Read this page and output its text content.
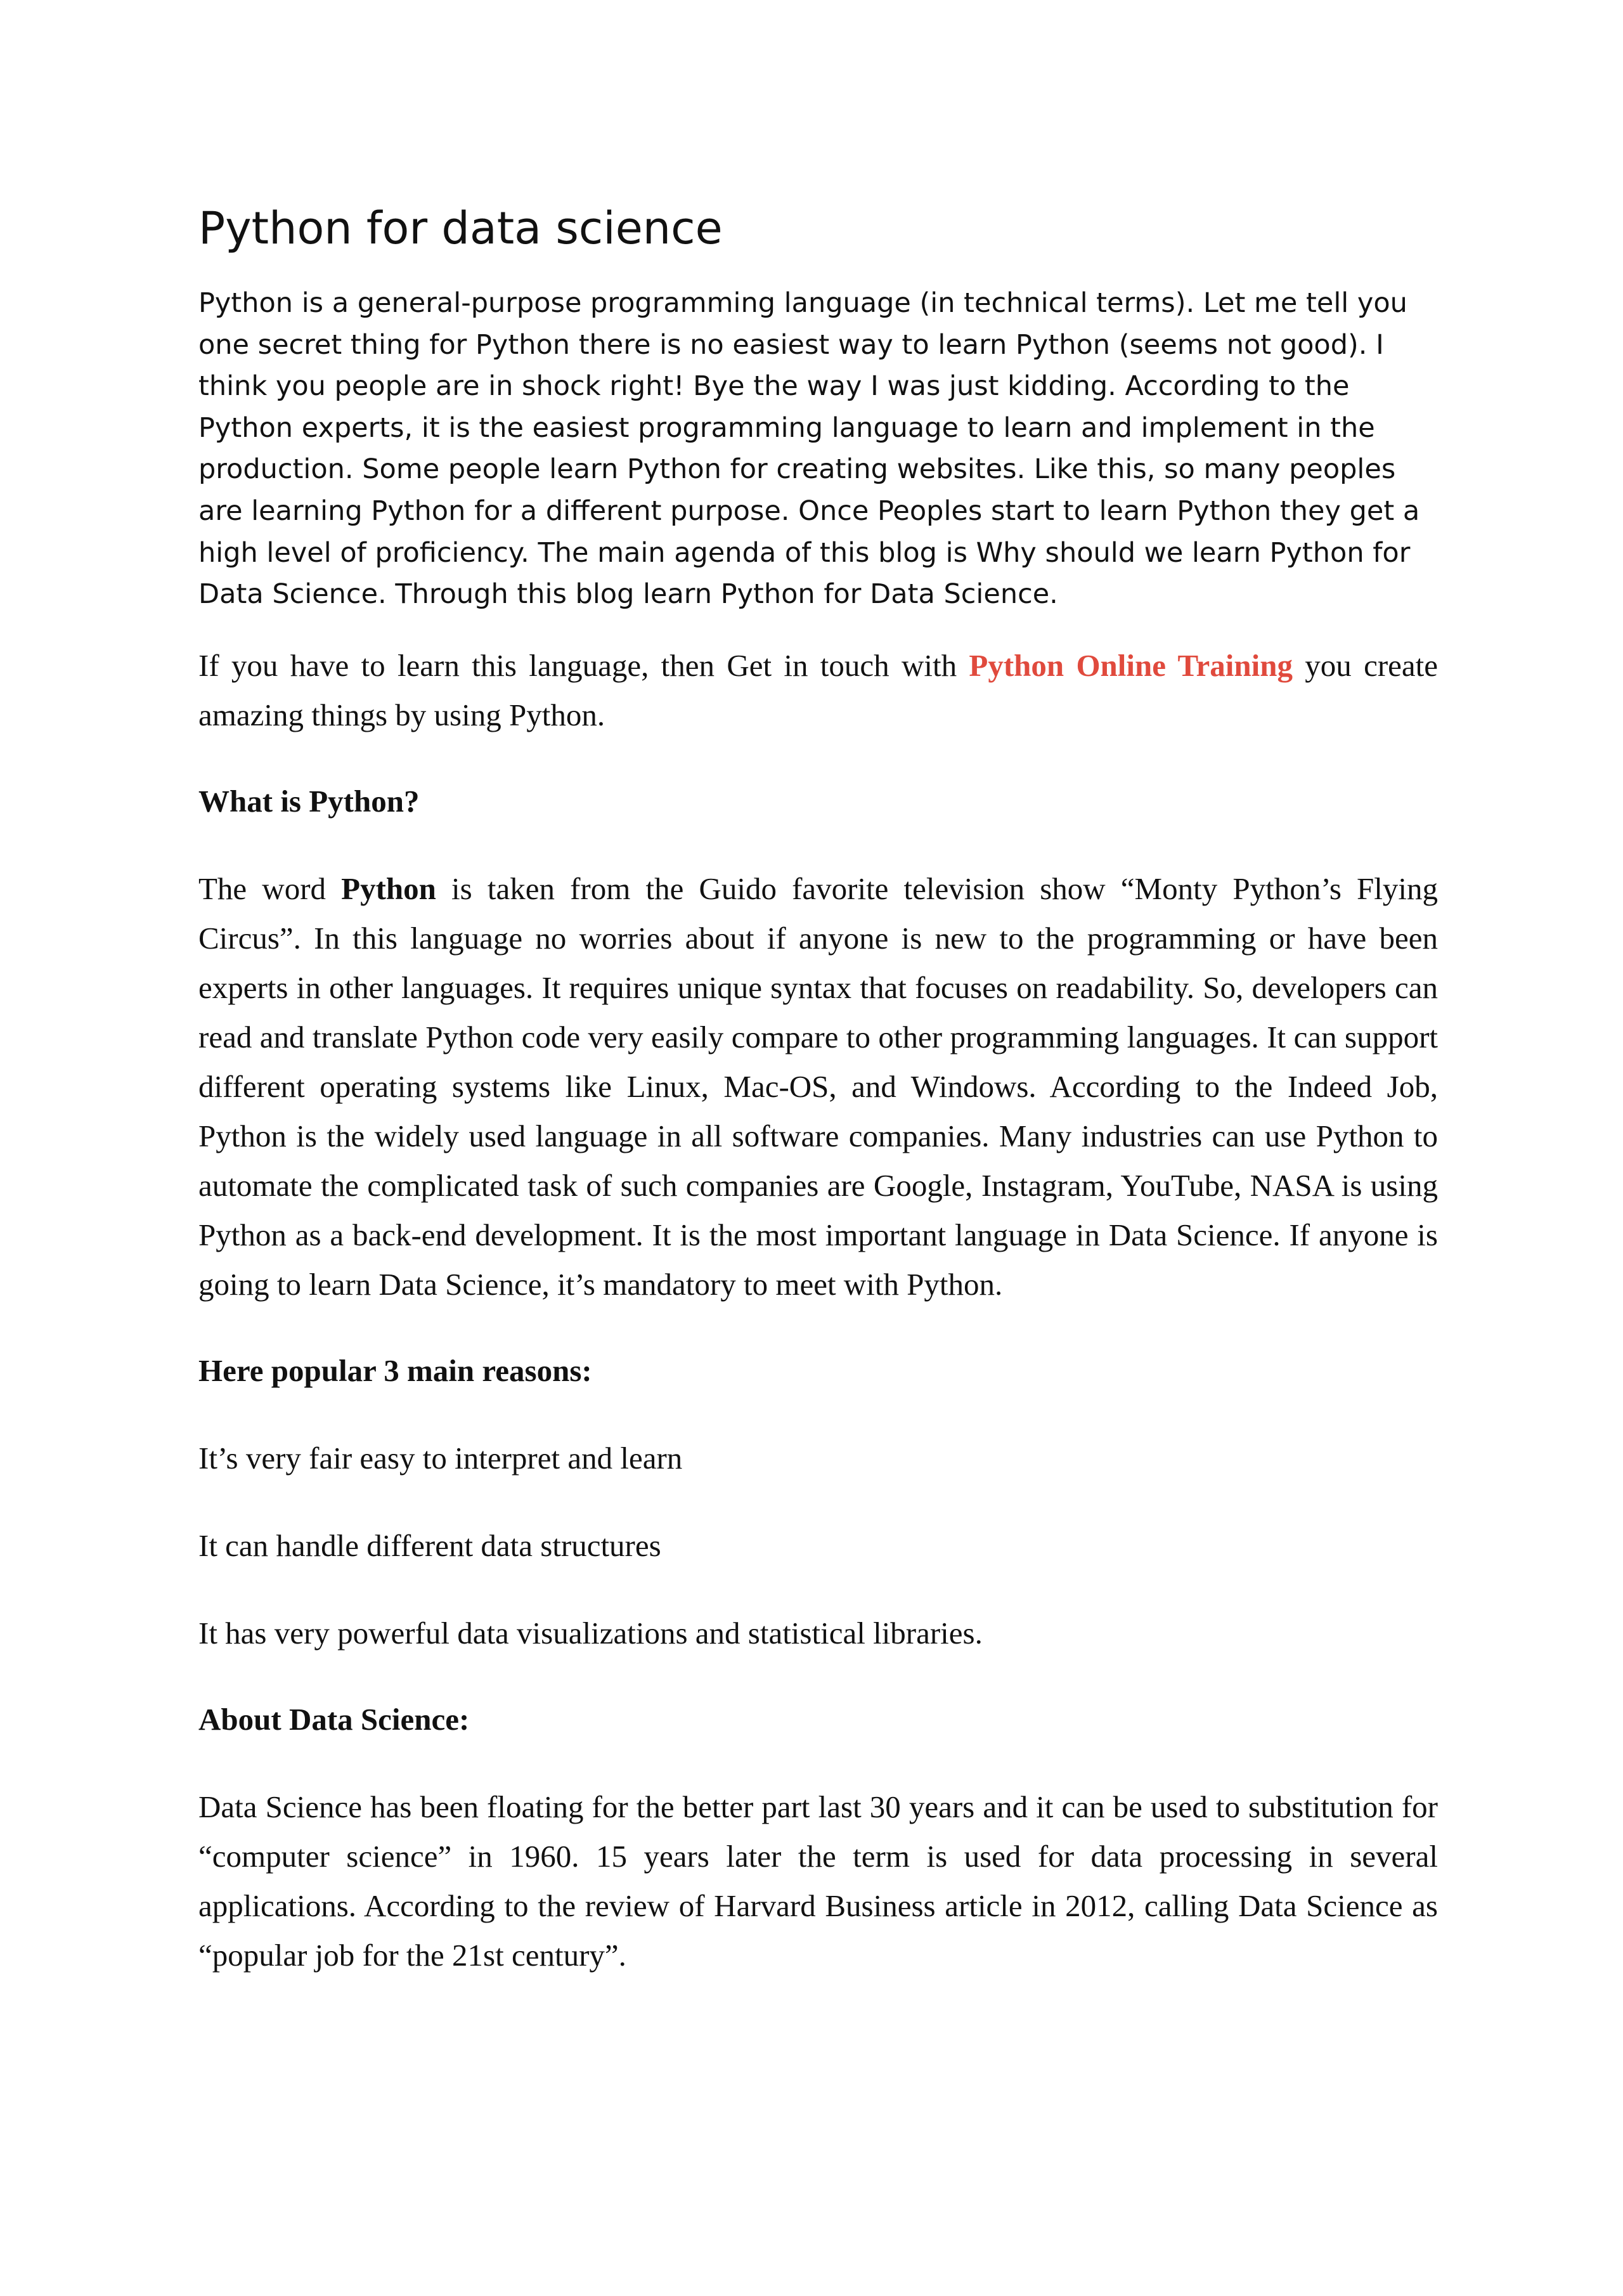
Python for data science

Python is a general-purpose programming language (in technical terms). Let me tell you one secret thing for Python there is no easiest way to learn Python (seems not good). I think you people are in shock right! Bye the way I was just kidding. According to the Python experts, it is the easiest programming language to learn and implement in the production. Some people learn Python for creating websites. Like this, so many peoples are learning Python for a different purpose. Once Peoples start to learn Python they get a high level of proficiency. The main agenda of this blog is Why should we learn Python for Data Science. Through this blog learn Python for Data Science.

If you have to learn this language, then Get in touch with Python Online Training you create amazing things by using Python.

What is Python?

The word Python is taken from the Guido favorite television show “Monty Python’s Flying Circus”. In this language no worries about if anyone is new to the programming or have been experts in other languages. It requires unique syntax that focuses on readability. So, developers can read and translate Python code very easily compare to other programming languages. It can support different operating systems like Linux, Mac-OS, and Windows. According to the Indeed Job, Python is the widely used language in all software companies. Many industries can use Python to automate the complicated task of such companies are Google, Instagram, YouTube, NASA is using Python as a back-end development. It is the most important language in Data Science. If anyone is going to learn Data Science, it’s mandatory to meet with Python.

Here popular 3 main reasons:

It’s very fair easy to interpret and learn

It can handle different data structures

It has very powerful data visualizations and statistical libraries.

About Data Science:

Data Science has been floating for the better part last 30 years and it can be used to substitution for “computer science” in 1960. 15 years later the term is used for data processing in several applications. According to the review of Harvard Business article in 2012, calling Data Science as “popular job for the 21st century”.
